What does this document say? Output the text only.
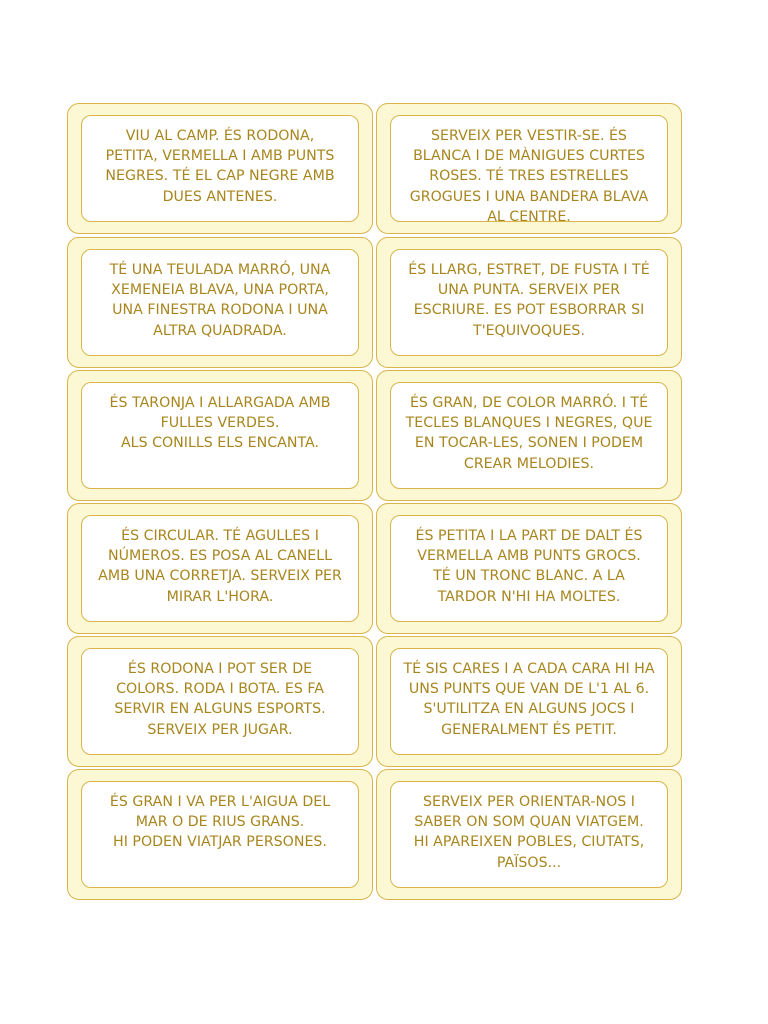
VIU AL CAMP. ÉS RODONA,
PETITA, VERMELLA I AMB PUNTS
NEGRES. TÉ EL CAP NEGRE AMB
DUES ANTENES.

SERVEIX PER VESTIR-SE. ÉS
BLANCA I DE MÀNIGUES CURTES
ROSES. TÉ TRES ESTRELLES
GROGUES I UNA BANDERA BLAVA
AL CENTRE.

TÉ UNA TEULADA MARRÓ, UNA
XEMENEIA BLAVA, UNA PORTA,
UNA FINESTRA RODONA I UNA
ALTRA QUADRADA.

ÉS LLARG, ESTRET, DE FUSTA I TÉ
UNA PUNTA. SERVEIX PER
ESCRIURE. ES POT ESBORRAR SI
T'EQUIVOQUES.

ÉS TARONJA I ALLARGADA AMB
FULLES VERDES.
ALS CONILLS ELS ENCANTA.

ÉS GRAN, DE COLOR MARRÓ. I TÉ
TECLES BLANQUES I NEGRES, QUE
EN TOCAR-LES, SONEN I PODEM
CREAR MELODIES.

ÉS CIRCULAR. TÉ AGULLES I
NÚMEROS. ES POSA AL CANELL
AMB UNA CORRETJA. SERVEIX PER
MIRAR L'HORA.

ÉS PETITA I LA PART DE DALT ÉS
VERMELLA AMB PUNTS GROCS.
TÉ UN TRONC BLANC. A LA
TARDOR N'HI HA MOLTES.

ÉS RODONA I POT SER DE
COLORS. RODA I BOTA. ES FA
SERVIR EN ALGUNS ESPORTS.
SERVEIX PER JUGAR.

TÉ SIS CARES I A CADA CARA HI HA
UNS PUNTS QUE VAN DE L'1 AL 6.
S'UTILITZA EN ALGUNS JOCS I
GENERALMENT ÉS PETIT.

ÉS GRAN I VA PER L'AIGUA DEL
MAR O DE RIUS GRANS.
HI PODEN VIATJAR PERSONES.

SERVEIX PER ORIENTAR-NOS I
SABER ON SOM QUAN VIATGEM.
HI APAREIXEN POBLES, CIUTATS,
PAÏSOS...
